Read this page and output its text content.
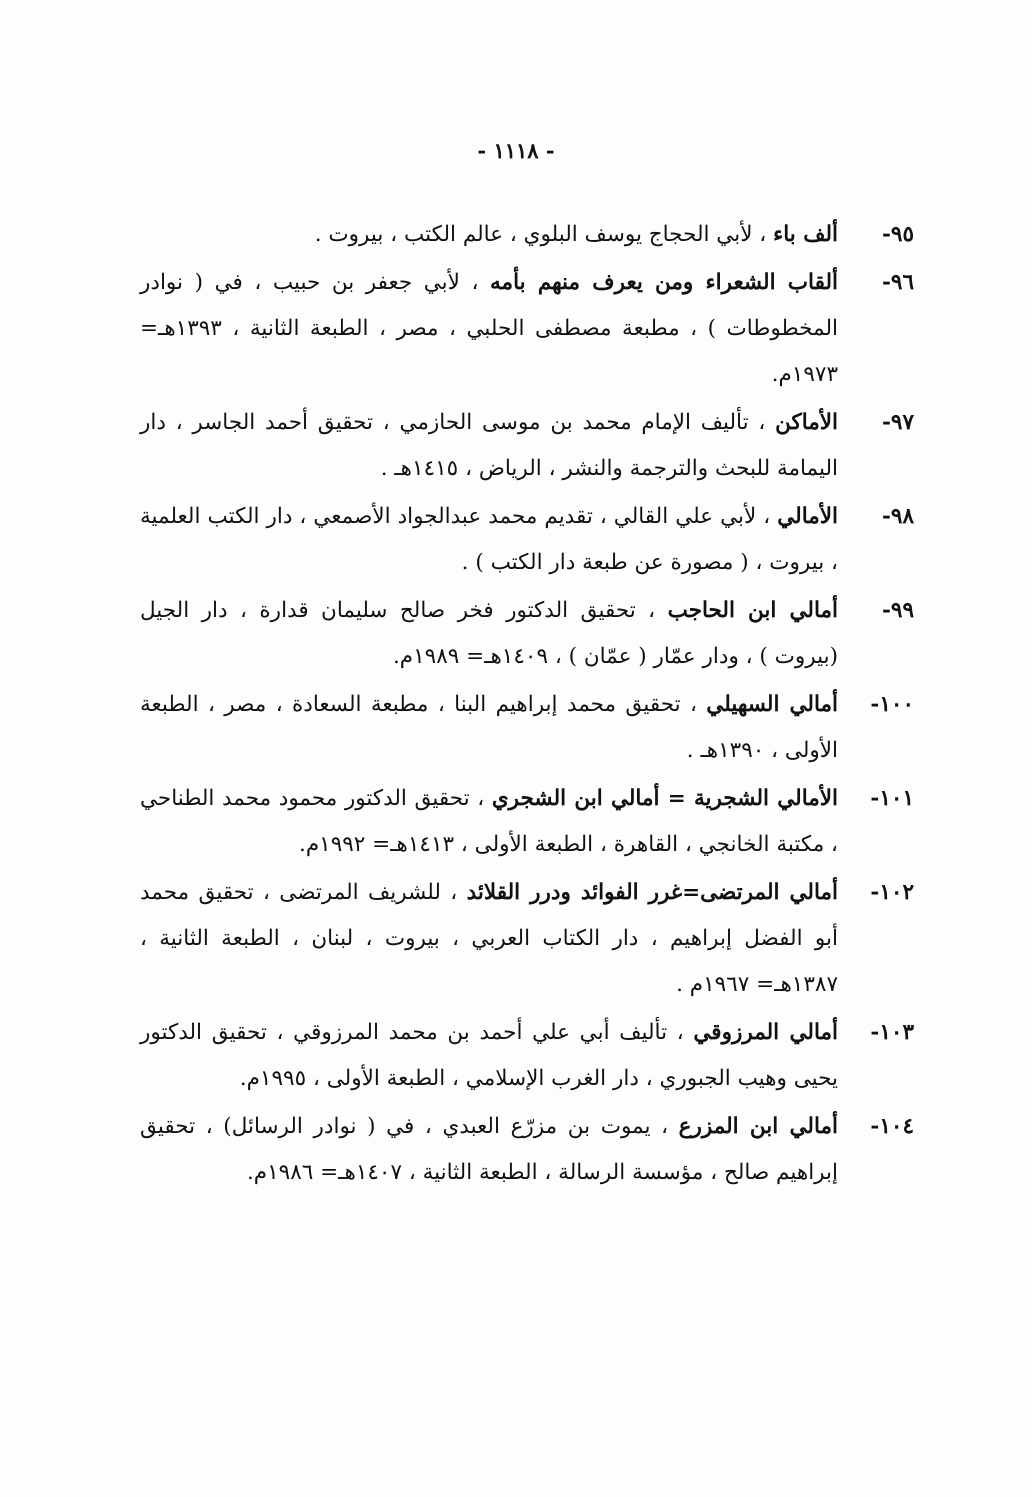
- ١١١٨ -
٩٥-
ألف باء ، لأبي الحجاج يوسف البلوي ، عالم الكتب ، بيروت .
٩٦-
ألقاب الشعراء ومن يعرف منهم بأمه ، لأبي جعفر بن حبيب ، في ( نوادر المخطوطات ) ، مطبعة مصطفى الحلبي ، مصر ، الطبعة الثانية ، ١٣٩٣هـ= ١٩٧٣م.
٩٧-
الأماكن ، تأليف الإمام محمد بن موسى الحازمي ، تحقيق أحمد الجاسر ، دار اليمامة للبحث والترجمة والنشر ، الرياض ، ١٤١٥هـ .
٩٨-
الأمالي ، لأبي علي القالي ، تقديم محمد عبدالجواد الأصمعي ، دار الكتب العلمية ، بيروت ، ( مصورة عن طبعة دار الكتب ) .
٩٩-
أمالي ابن الحاجب ، تحقيق الدكتور فخر صالح سليمان قدارة ، دار الجيل (بيروت ) ، ودار عمّار ( عمّان ) ، ١٤٠٩هـ= ١٩٨٩م.
١٠٠-
أمالي السهيلي ، تحقيق محمد إبراهيم البنا ، مطبعة السعادة ، مصر ، الطبعة الأولى ، ١٣٩٠هـ .
١٠١-
الأمالي الشجرية = أمالي ابن الشجري ، تحقيق الدكتور محمود محمد الطناحي ، مكتبة الخانجي ، القاهرة ، الطبعة الأولى ، ١٤١٣هـ= ١٩٩٢م.
١٠٢-
أمالي المرتضى=غرر الفوائد ودرر القلائد ، للشريف المرتضى ، تحقيق محمد أبو الفضل إبراهيم ، دار الكتاب العربي ، بيروت ، لبنان ، الطبعة الثانية ، ١٣٨٧هـ= ١٩٦٧م .
١٠٣-
أمالي المرزوقي ، تأليف أبي علي أحمد بن محمد المرزوقي ، تحقيق الدكتور يحيى وهيب الجبوري ، دار الغرب الإسلامي ، الطبعة الأولى ، ١٩٩٥م.
١٠٤-
أمالي ابن المزرع ، يموت بن مزرّع العبدي ، في ( نوادر الرسائل) ، تحقيق إبراهيم صالح ، مؤسسة الرسالة ، الطبعة الثانية ، ١٤٠٧هـ= ١٩٨٦م.
